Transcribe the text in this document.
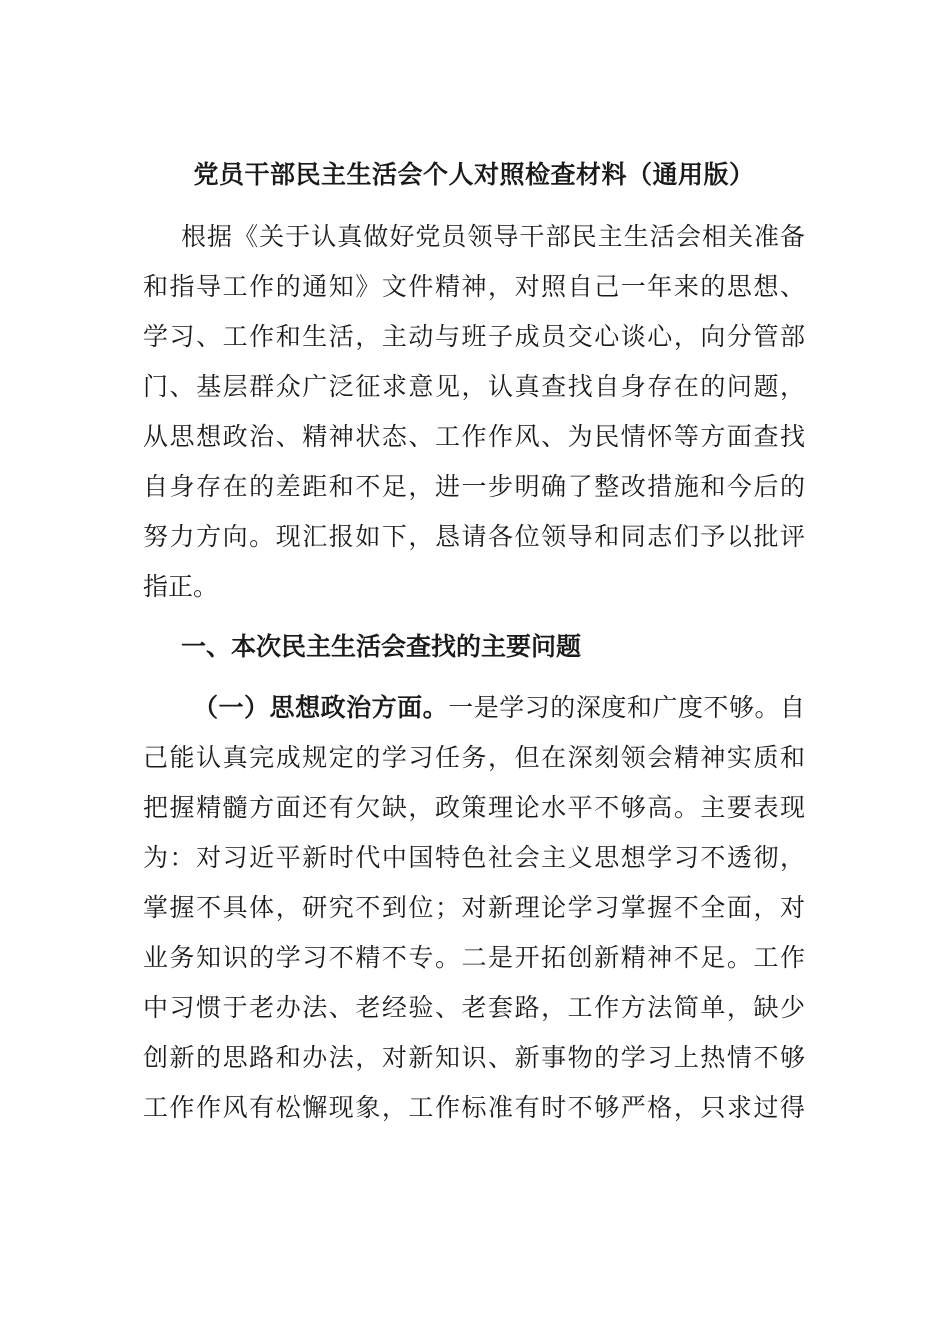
党员干部民主生活会个人对照检查材料（通用版）
根据《关于认真做好党员领导干部民主生活会相关准备
和指导工作的通知》文件精神，对照自己一年来的思想、
学习、工作和生活，主动与班子成员交心谈心，向分管部
门、基层群众广泛征求意见，认真查找自身存在的问题，
从思想政治、精神状态、工作作风、为民情怀等方面查找
自身存在的差距和不足，进一步明确了整改措施和今后的
努力方向。现汇报如下，恳请各位领导和同志们予以批评
指正。
一、本次民主生活会查找的主要问题
（一）思想政治方面。一是学习的深度和广度不够。自
己能认真完成规定的学习任务，但在深刻领会精神实质和
把握精髓方面还有欠缺，政策理论水平不够高。主要表现
为：对习近平新时代中国特色社会主义思想学习不透彻，
掌握不具体，研究不到位；对新理论学习掌握不全面，对
业务知识的学习不精不专。二是开拓创新精神不足。工作
中习惯于老办法、老经验、老套路，工作方法简单，缺少
创新的思路和办法，对新知识、新事物的学习上热情不够
工作作风有松懈现象，工作标准有时不够严格，只求过得
